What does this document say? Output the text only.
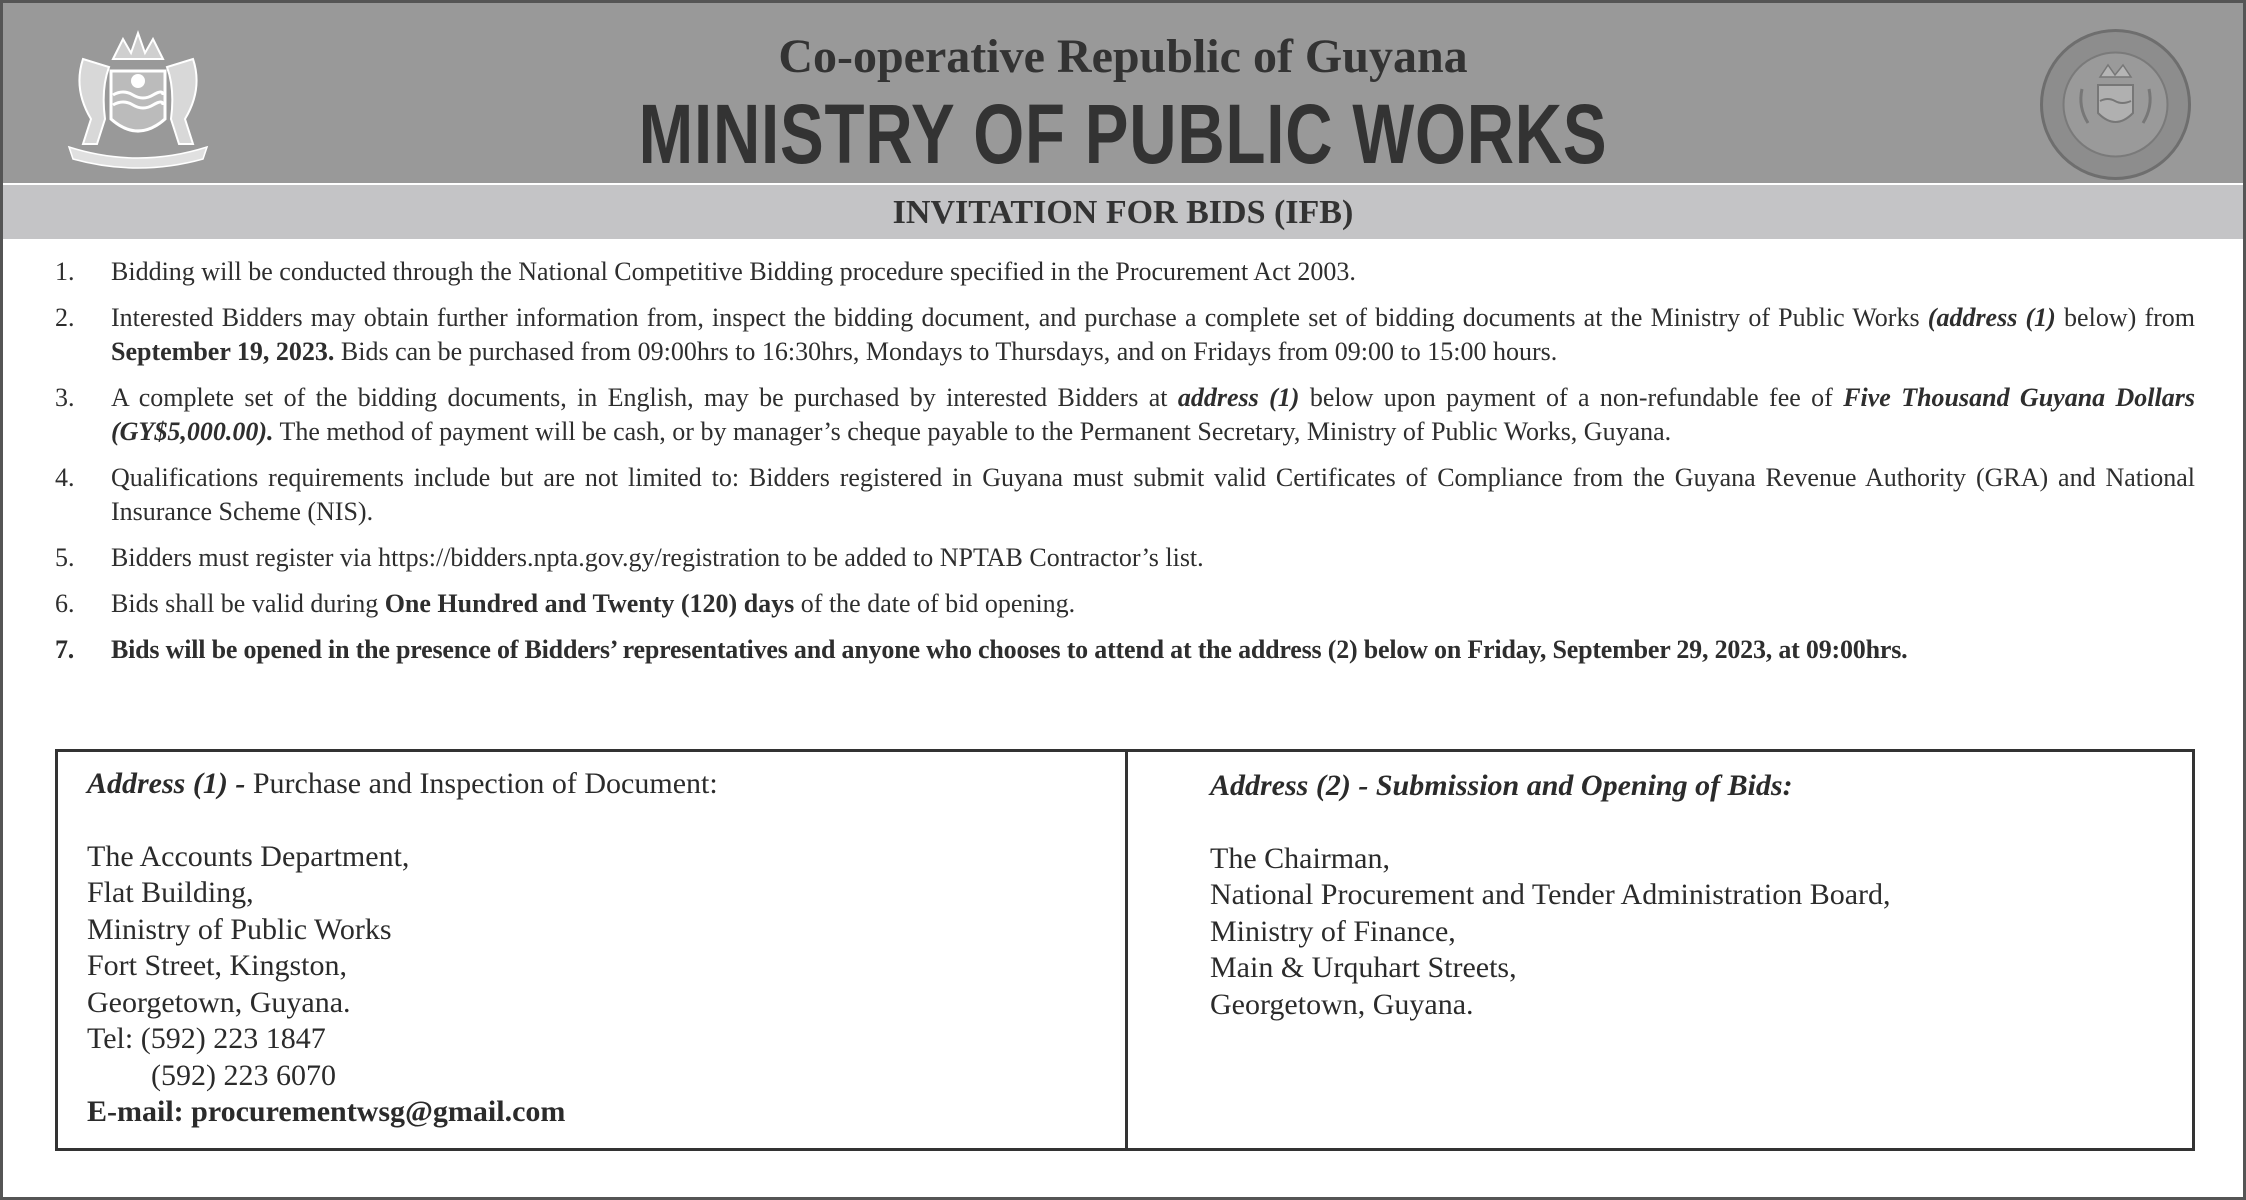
Co-operative Republic of Guyana
MINISTRY OF PUBLIC WORKS
INVITATION FOR BIDS (IFB)
1. Bidding will be conducted through the National Competitive Bidding procedure specified in the Procurement Act 2003.
2. Interested Bidders may obtain further information from, inspect the bidding document, and purchase a complete set of bidding documents at the Ministry of Public Works (address (1) below) from September 19, 2023. Bids can be purchased from 09:00hrs to 16:30hrs, Mondays to Thursdays, and on Fridays from 09:00 to 15:00 hours.
3. A complete set of the bidding documents, in English, may be purchased by interested Bidders at address (1) below upon payment of a non-refundable fee of Five Thousand Guyana Dollars (GY$5,000.00). The method of payment will be cash, or by manager’s cheque payable to the Permanent Secretary, Ministry of Public Works, Guyana.
4. Qualifications requirements include but are not limited to: Bidders registered in Guyana must submit valid Certificates of Compliance from the Guyana Revenue Authority (GRA) and National Insurance Scheme (NIS).
5. Bidders must register via https://bidders.npta.gov.gy/registration to be added to NPTAB Contractor’s list.
6. Bids shall be valid during One Hundred and Twenty (120) days of the date of bid opening.
7. Bids will be opened in the presence of Bidders’ representatives and anyone who chooses to attend at the address (2) below on Friday, September 29, 2023, at 09:00hrs.
Address (1) - Purchase and Inspection of Document:
The Accounts Department,
Flat Building,
Ministry of Public Works
Fort Street, Kingston,
Georgetown, Guyana.
Tel: (592) 223 1847
(592) 223 6070
E-mail: procurementwsg@gmail.com
Address (2) - Submission and Opening of Bids:
The Chairman,
National Procurement and Tender Administration Board,
Ministry of Finance,
Main & Urquhart Streets,
Georgetown, Guyana.
